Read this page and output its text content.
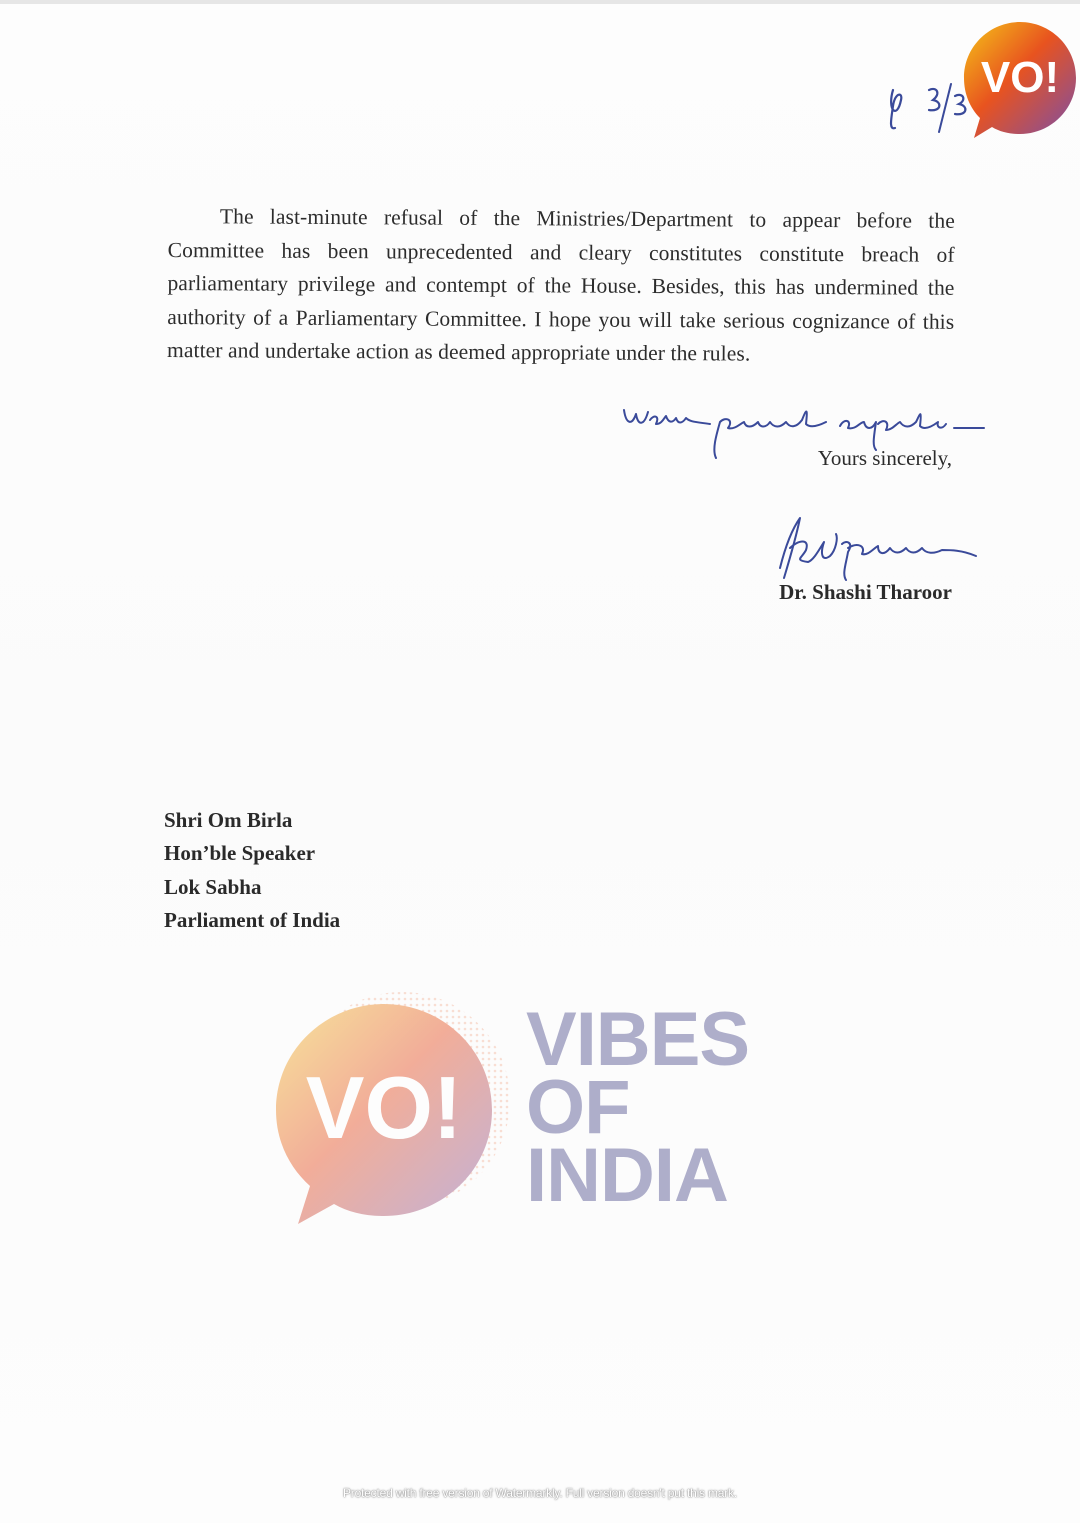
VO!
The last-minute refusal of the Ministries/Department to appear before the Committee has been unprecedented and cleary constitutes constitute breach of parliamentary privilege and contempt of the House. Besides, this has undermined the authority of a Parliamentary Committee. I hope you will take serious cognizance of this matter and undertake action as deemed appropriate under the rules.
Yours sincerely,
Dr. Shashi Tharoor
Shri Om Birla
Hon’ble Speaker
Lok Sabha
Parliament of India
VO!
VIBES
OF
INDIA
Protected with free version of Watermarkly. Full version doesn't put this mark.
